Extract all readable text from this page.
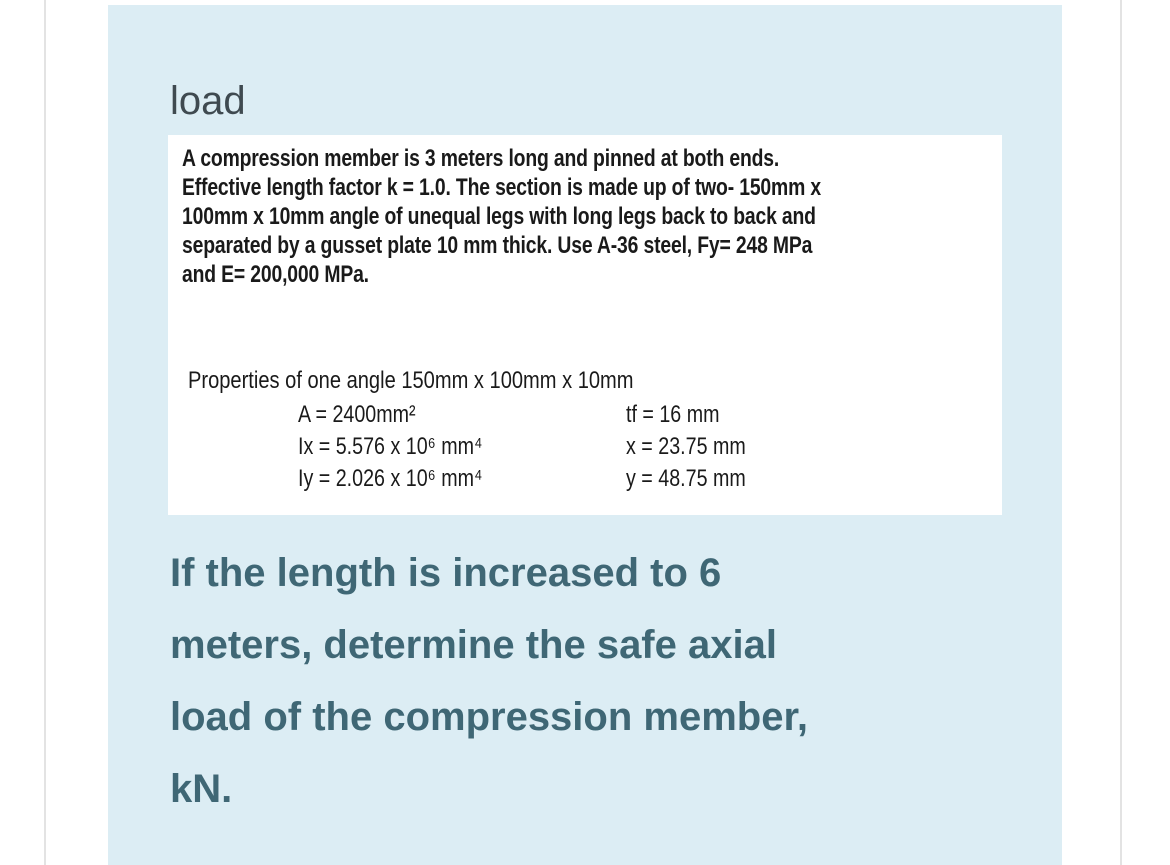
load
A compression member is 3 meters long and pinned at both ends.
Effective length factor k = 1.0. The section is made up of two- 150mm x
100mm x 10mm angle of unequal legs with long legs back to back and
separated by a gusset plate 10 mm thick. Use A-36 steel, Fy= 248 MPa
and E= 200,000 MPa.
Properties of one angle 150mm x 100mm x 10mm
A = 2400mm²
Ix = 5.576 x 10⁶ mm⁴
Iy = 2.026 x 10⁶ mm⁴
tf = 16 mm
x = 23.75 mm
y = 48.75 mm
If the length is increased to 6
meters, determine the safe axial
load of the compression member,
kN.
